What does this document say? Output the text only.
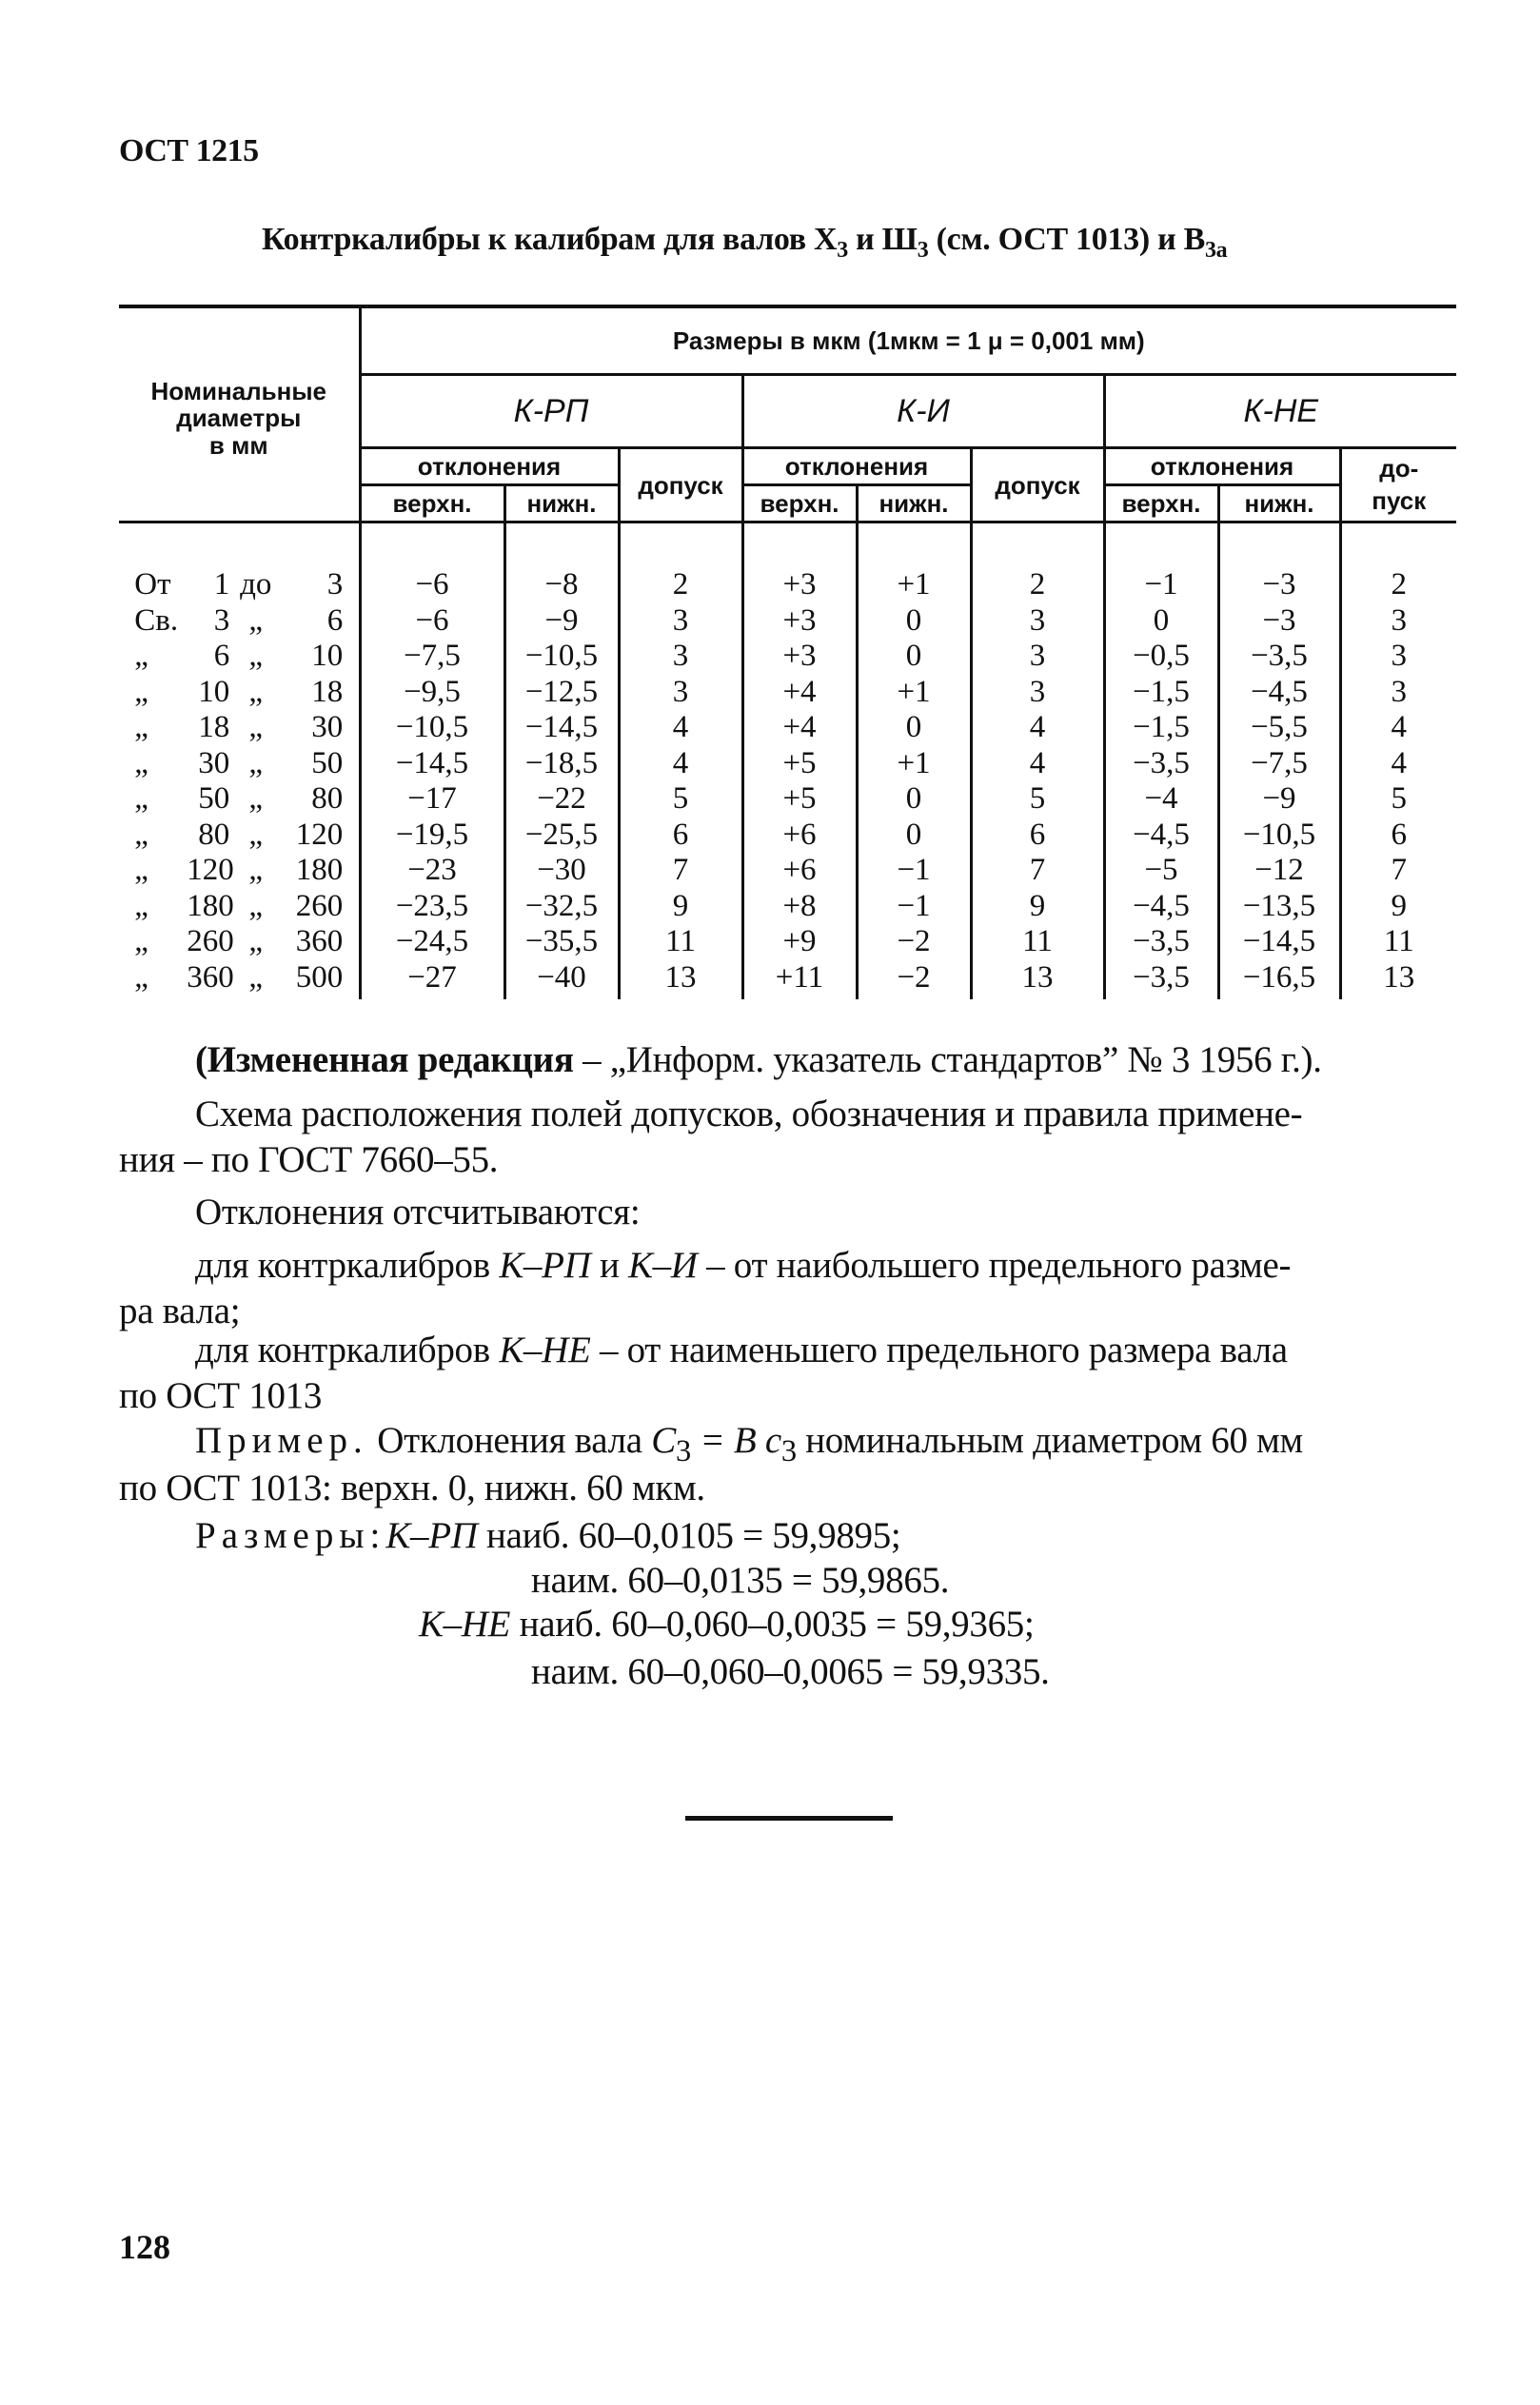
ОСТ 1215
Контркалибры к калибрам для валов $Х_3$ и $Ш_3$ (см. ОСТ 1013) и $В_{3а}$
Номинальные
диаметры
в мм	Размеры в мкм (1мкм = 1 μ = 0,001 мм)								
	К-РП			К-И			К-НЕ		
	отклонения		допуск	отклонения		допуск	отклонения		до-
пуск
	верхн.	нижн.		верхн.	нижн.		верхн.	нижн.	

От 1 до 3	−6	−8	2	+3	+1	2	−1	−3	2
Св. 3 „ 6	−6	−9	3	+3	0	3	0	−3	3
„ 6 „ 10	−7,5	−10,5	3	+3	0	3	−0,5	−3,5	3
„ 10 „ 18	−9,5	−12,5	3	+4	+1	3	−1,5	−4,5	3
„ 18 „ 30	−10,5	−14,5	4	+4	0	4	−1,5	−5,5	4
„ 30 „ 50	−14,5	−18,5	4	+5	+1	4	−3,5	−7,5	4
„ 50 „ 80	−17	−22	5	+5	0	5	−4	−9	5
„ 80 „ 120	−19,5	−25,5	6	+6	0	6	−4,5	−10,5	6
„ 120 „ 180	−23	−30	7	+6	−1	7	−5	−12	7
„ 180 „ 260	−23,5	−32,5	9	+8	−1	9	−4,5	−13,5	9
„ 260 „ 360	−24,5	−35,5	11	+9	−2	11	−3,5	−14,5	11
„ 360 „ 500	−27	−40	13	+11	−2	13	−3,5	−16,5	13
(Измененная редакция – „Информ. указатель стандартов” № 3 1956 г.).
Схема расположения полей допусков, обозначения и правила примене-
ния – по ГОСТ 7660–55.
Отклонения отсчитываются:
для контркалибров К–РП и К–И – от наибольшего предельного разме-
ра вала;
для контркалибров К–НЕ – от наименьшего предельного размера вала
по ОСТ 1013
Пример. Отклонения вала $С_3 = В$ $с_3$ номинальным диаметром 60 мм
по ОСТ 1013: верхн. 0, нижн. 60 мкм.
Размеры:К–РП наиб. 60–0,0105 = 59,9895;
наим. 60–0,0135 = 59,9865.
К–НЕ наиб. 60–0,060–0,0035 = 59,9365;
наим. 60–0,060–0,0065 = 59,9335.
128
